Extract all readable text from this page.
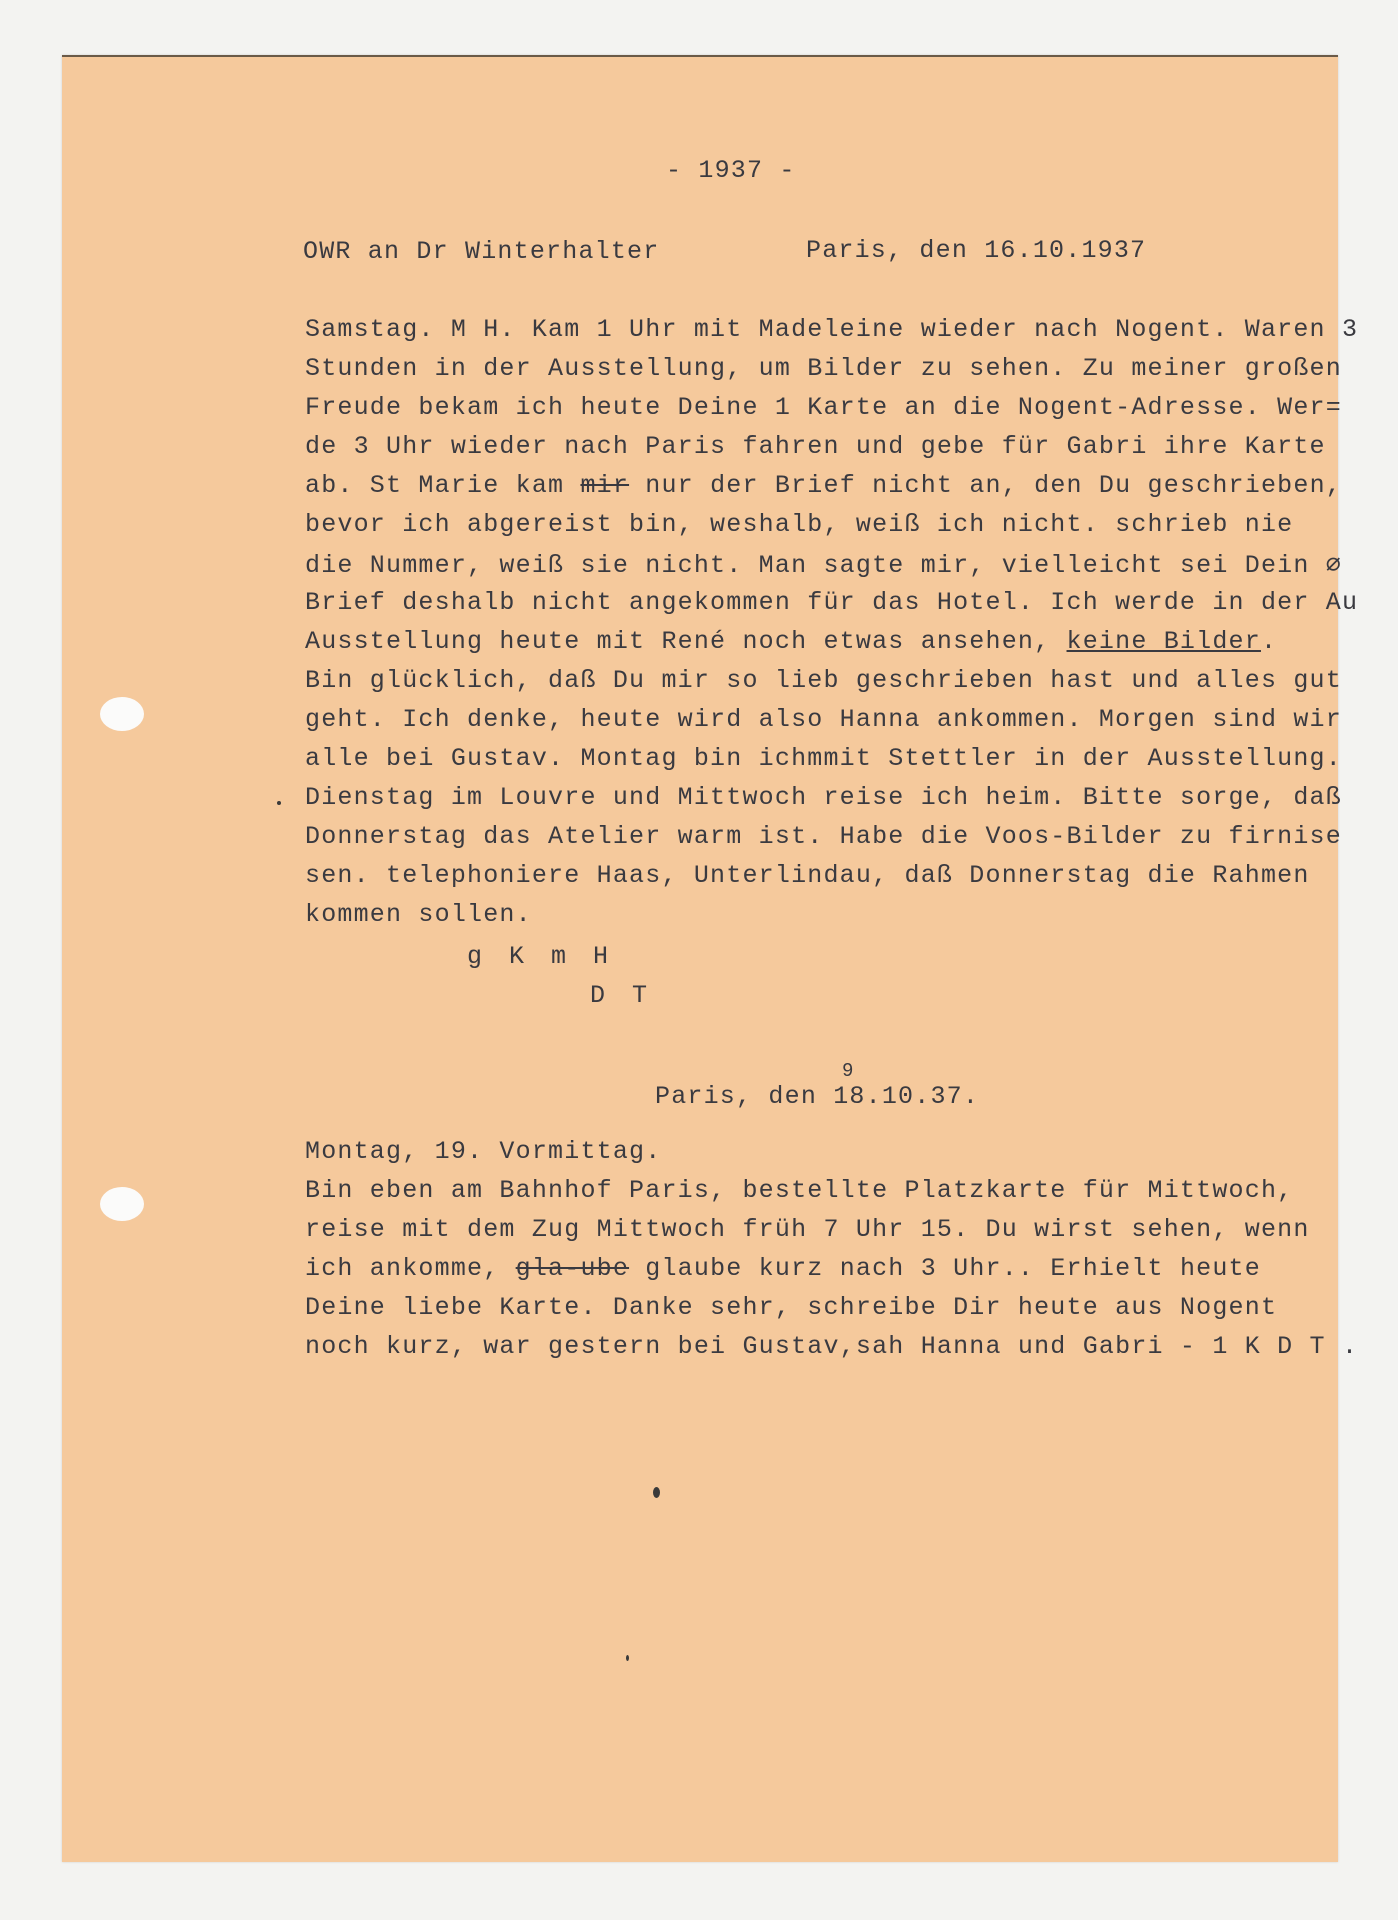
- 1937 -
OWR an Dr Winterhalter	Paris, den 16.10.1937
Samstag. M H. Kam 1 Uhr mit Madeleine wieder nach Nogent. Waren 3
Stunden in der Ausstellung, um Bilder zu sehen. Zu meiner großen
Freude bekam ich heute Deine 1 Karte an die Nogent-Adresse. Wer=
de 3 Uhr wieder nach Paris fahren und gebe für Gabri ihre Karte
ab. St Marie kam mir nur der Brief nicht an, den Du geschrieben,
bevor ich abgereist bin, weshalb, weiß ich nicht. schrieb nie
die Nummer, weiß sie nicht. Man sagte mir, vielleicht sei Dein ⌀
Brief deshalb nicht angekommen für das Hotel. Ich werde in der Au
Ausstellung heute mit René noch etwas ansehen, keine Bilder.
Bin glücklich, daß Du mir so lieb geschrieben hast und alles gut
geht. Ich denke, heute wird also Hanna ankommen. Morgen sind wir
alle bei Gustav. Montag bin ichmmit Stettler in der Ausstellung.
Dienstag im Louvre und Mittwoch reise ich heim. Bitte sorge, daß
Donnerstag das Atelier warm ist. Habe die Voos-Bilder zu firnise
sen. telephoniere Haas, Unterlindau, daß Donnerstag die Rahmen
kommen sollen.
g K m H
D T
Paris, den 18.10.37.
9
Montag, 19. Vormittag.
Bin eben am Bahnhof Paris, bestellte Platzkarte für Mittwoch,
reise mit dem Zug Mittwoch früh 7 Uhr 15. Du wirst sehen, wenn
ich ankomme, gla-ube glaube kurz nach 3 Uhr.. Erhielt heute
Deine liebe Karte. Danke sehr, schreibe Dir heute aus Nogent
noch kurz, war gestern bei Gustav,sah Hanna und Gabri - 1 K D T .
